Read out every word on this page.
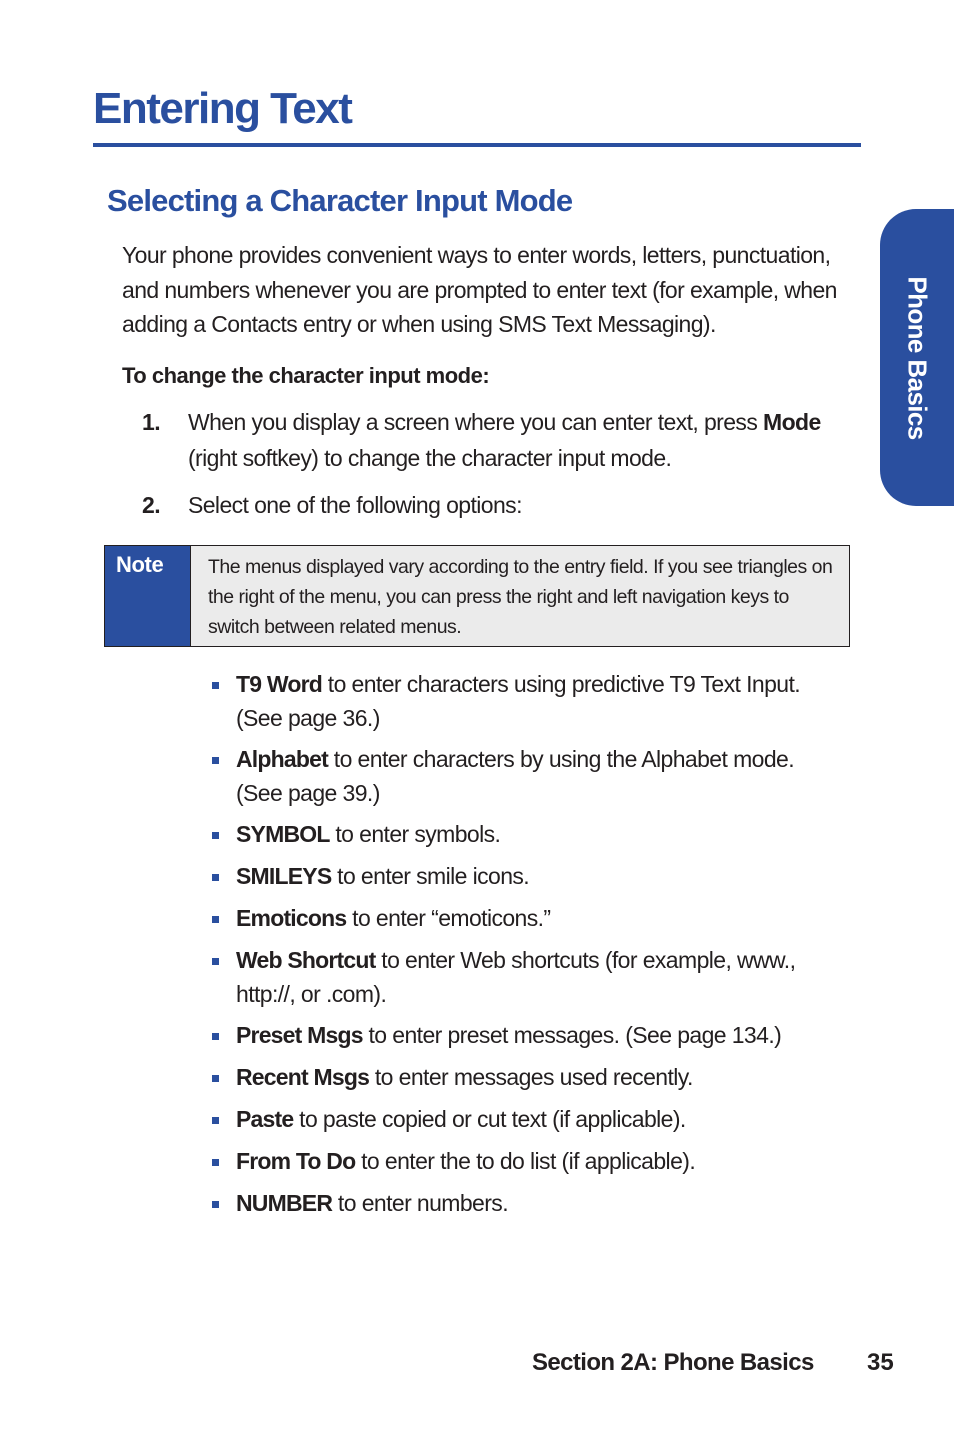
Entering Text
Selecting a Character Input Mode

Your phone provides convenient ways to enter words, letters, punctuation, and numbers whenever you are prompted to enter text (for example, when adding a Contacts entry or when using SMS Text Messaging).

To change the character input mode:

1.	When you display a screen where you can enter text, press Mode (right softkey) to change the character input mode.
2.	Select one of the following options:
Note	The menus displayed vary according to the entry field. If you see triangles on the right of the menu, you can press the right and left navigation keys to switch between related menus.
T9 Word to enter characters using predictive T9 Text Input. (See page 36.)
Alphabet to enter characters by using the Alphabet mode. (See page 39.)
SYMBOL to enter symbols.
SMILEYS to enter smile icons.
Emoticons to enter “emoticons.”
Web Shortcut to enter Web shortcuts (for example, www., http://, or .com).
Preset Msgs to enter preset messages. (See page 134.)
Recent Msgs to enter messages used recently.
Paste to paste copied or cut text (if applicable).
From To Do to enter the to do list (if applicable).
NUMBER to enter numbers.
Phone Basics
Section 2A: Phone Basics 35
